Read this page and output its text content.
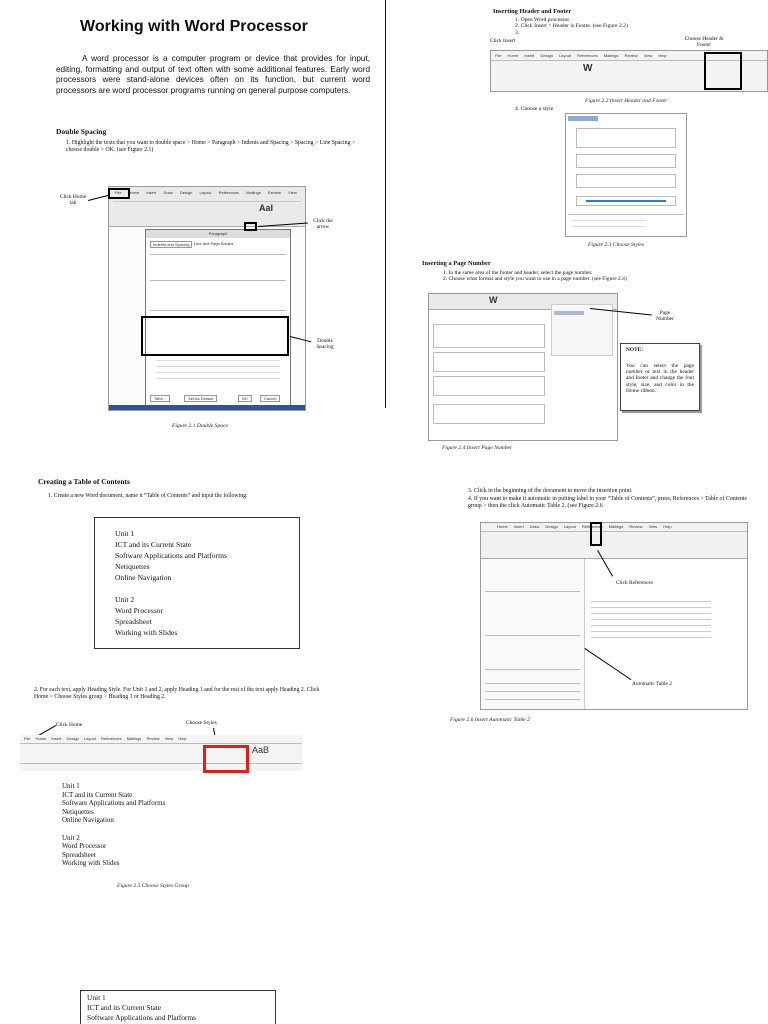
Working with Word Processor
A word processor is a computer program or device that provides for input, editing, formatting and output of text often with some additional features. Early word processors were stand-alone devices often on its function, but current word processors are word processor programs running on general purpose computers.
Double Spacing
1. Highlight the texts that you want to double space > Home > Paragraph > Indents and Spacing > Spacing > Line Spacing > choose double > OK. (see Figure 2.1)
File Home Insert Draw Design Layout References Mailings Review View
AaI
Paragraph
Indents and Spacing	Line and Page Breaks
Tabs...	Set As Default	OK	Cancel
Click Home tab
Click the arrow
Double Spacing
Figure 2.1 Double Space
Inserting Header and Footer
1. Open Word processor.
2. Click Insert > Header is Footer. (see Figure 2.2)
3.
Click Insert	Choose Header & Footer
File Home Insert Design Layout References Mailings Review View Help
W
Figure 2.2 Insert Header and Footer
4. Choose a style.
Figure 2.3 Choose Styles
Inserting a Page Number
1. In the same area of the footer and header, select the page number.
2. Choose what format and style you want to use in a page number. (see Figure 2.4)
W
Page Number
NOTE:
You can select the page number or text in the header and footer and change the font style, size, and color in the Home ribbon.
Figure 2.4 Insert Page Number
Creating a Table of Contents
1. Create a new Word document, name it “Table of Contents” and input the following:
Unit 1
ICT and its Current State
Software Applications and Platforms
Netiquettes
Online Navigation
Unit 2
Word Processor
Spreadsheet
Working with Slides
2. For each text, apply Heading Style. For Unit 1 and 2, apply Heading 1 and for the rest of the text apply Heading 2. Click Home > Choose Styles group > Heading 1 or Heading 2.
Click Home	Choose Styles
File Home Insert Design Layout References Mailings Review View Help
AaB
Unit 1
ICT and its Current State
Software Applications and Platforms
Netiquettes
Online Navigation
Unit 2
Word Processor
Spreadsheet
Working with Slides
Figure 2.5 Choose Styles Group
Unit 1
ICT and its Current State
Software Applications and Platforms
3. Click in the beginning of the document to move the insertion point.
4. If you want to make it automatic in putting label in your “Table of Contents”, press, References > Table of Contents group > then the click Automatic Table 2. (see Figure 2.6
Home Insert Draw Design Layout References Mailings Review View Help
Click References
Automatic Table 2
Figure 2.6 Insert Automatic Table 2
